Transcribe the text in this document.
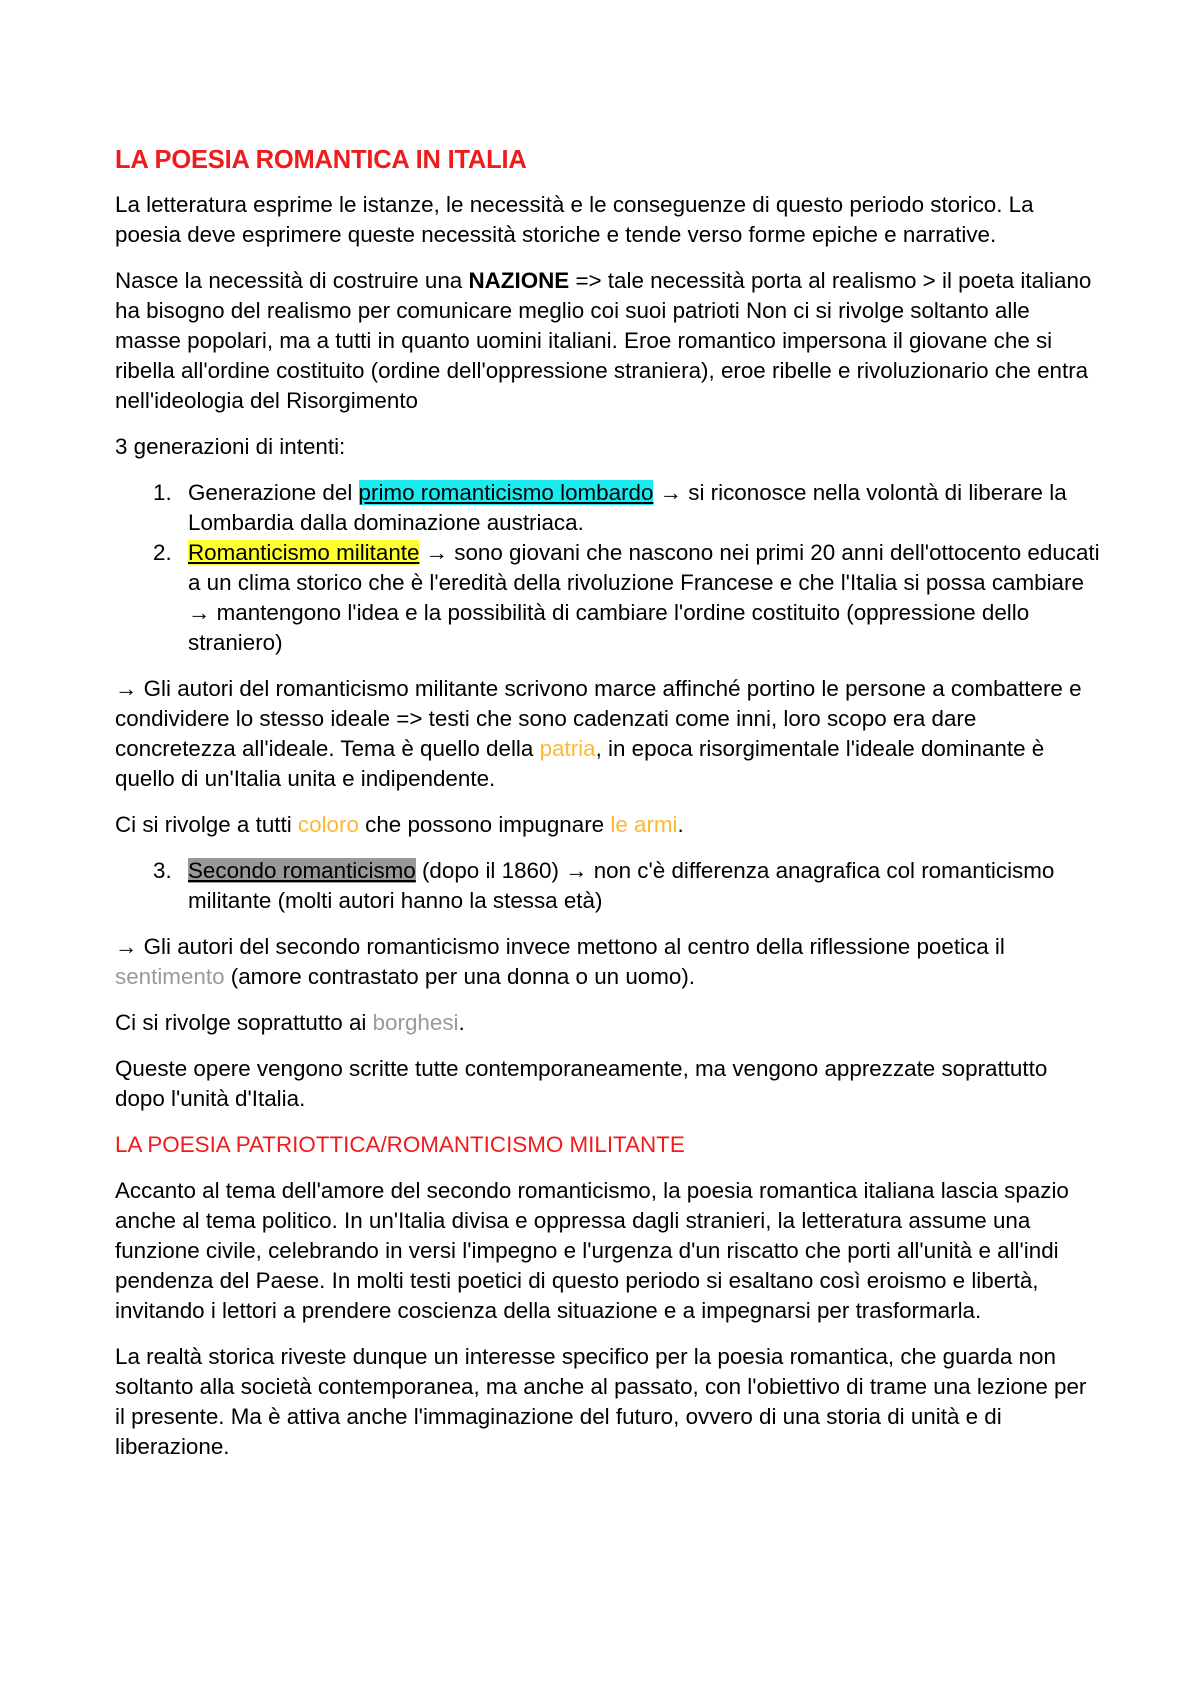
LA POESIA ROMANTICA IN ITALIA

La letteratura esprime le istanze, le necessità e le conseguenze di questo periodo storico. La poesia deve esprimere queste necessità storiche e tende verso forme epiche e narrative.

Nasce la necessità di costruire una NAZIONE => tale necessità porta al realismo > il poeta italiano ha bisogno del realismo per comunicare meglio coi suoi patrioti Non ci si rivolge soltanto alle masse popolari, ma a tutti in quanto uomini italiani. Eroe romantico impersona il giovane che si ribella all'ordine costituito (ordine dell'oppressione straniera), eroe ribelle e rivoluzionario che entra nell'ideologia del Risorgimento

3 generazioni di intenti:

1. Generazione del primo romanticismo lombardo → si riconosce nella volontà di liberare la Lombardia dalla dominazione austriaca.
2. Romanticismo militante → sono giovani che nascono nei primi 20 anni dell'ottocento educati a un clima storico che è l'eredità della rivoluzione Francese e che l'Italia si possa cambiare → mantengono l'idea e la possibilità di cambiare l'ordine costituito (oppressione dello straniero)

→ Gli autori del romanticismo militante scrivono marce affinché portino le persone a combattere e condividere lo stesso ideale => testi che sono cadenzati come inni, loro scopo era dare concretezza all'ideale. Tema è quello della patria, in epoca risorgimentale l'ideale dominante è quello di un'Italia unita e indipendente.

Ci si rivolge a tutti coloro che possono impugnare le armi.

3. Secondo romanticismo (dopo il 1860) → non c'è differenza anagrafica col romanticismo militante (molti autori hanno la stessa età)

→ Gli autori del secondo romanticismo invece mettono al centro della riflessione poetica il sentimento (amore contrastato per una donna o un uomo).

Ci si rivolge soprattutto ai borghesi.

Queste opere vengono scritte tutte contemporaneamente, ma vengono apprezzate soprattutto dopo l'unità d'Italia.

LA POESIA PATRIOTTICA/ROMANTICISMO MILITANTE

Accanto al tema dell'amore del secondo romanticismo, la poesia romantica italiana lascia spazio anche al tema politico. In un'Italia divisa e oppressa dagli stranieri, la letteratura assume una funzione civile, celebrando in versi l'impegno e l'urgenza d'un riscatto che porti all'unità e all'indi pendenza del Paese. In molti testi poetici di questo periodo si esaltano così eroismo e libertà, invitando i lettori a prendere coscienza della situazione e a impegnarsi per trasformarla.

La realtà storica riveste dunque un interesse specifico per la poesia romantica, che guarda non soltanto alla società contemporanea, ma anche al passato, con l'obiettivo di trame una lezione per il presente. Ma è attiva anche l'immaginazione del futuro, ovvero di una storia di unità e di liberazione.
